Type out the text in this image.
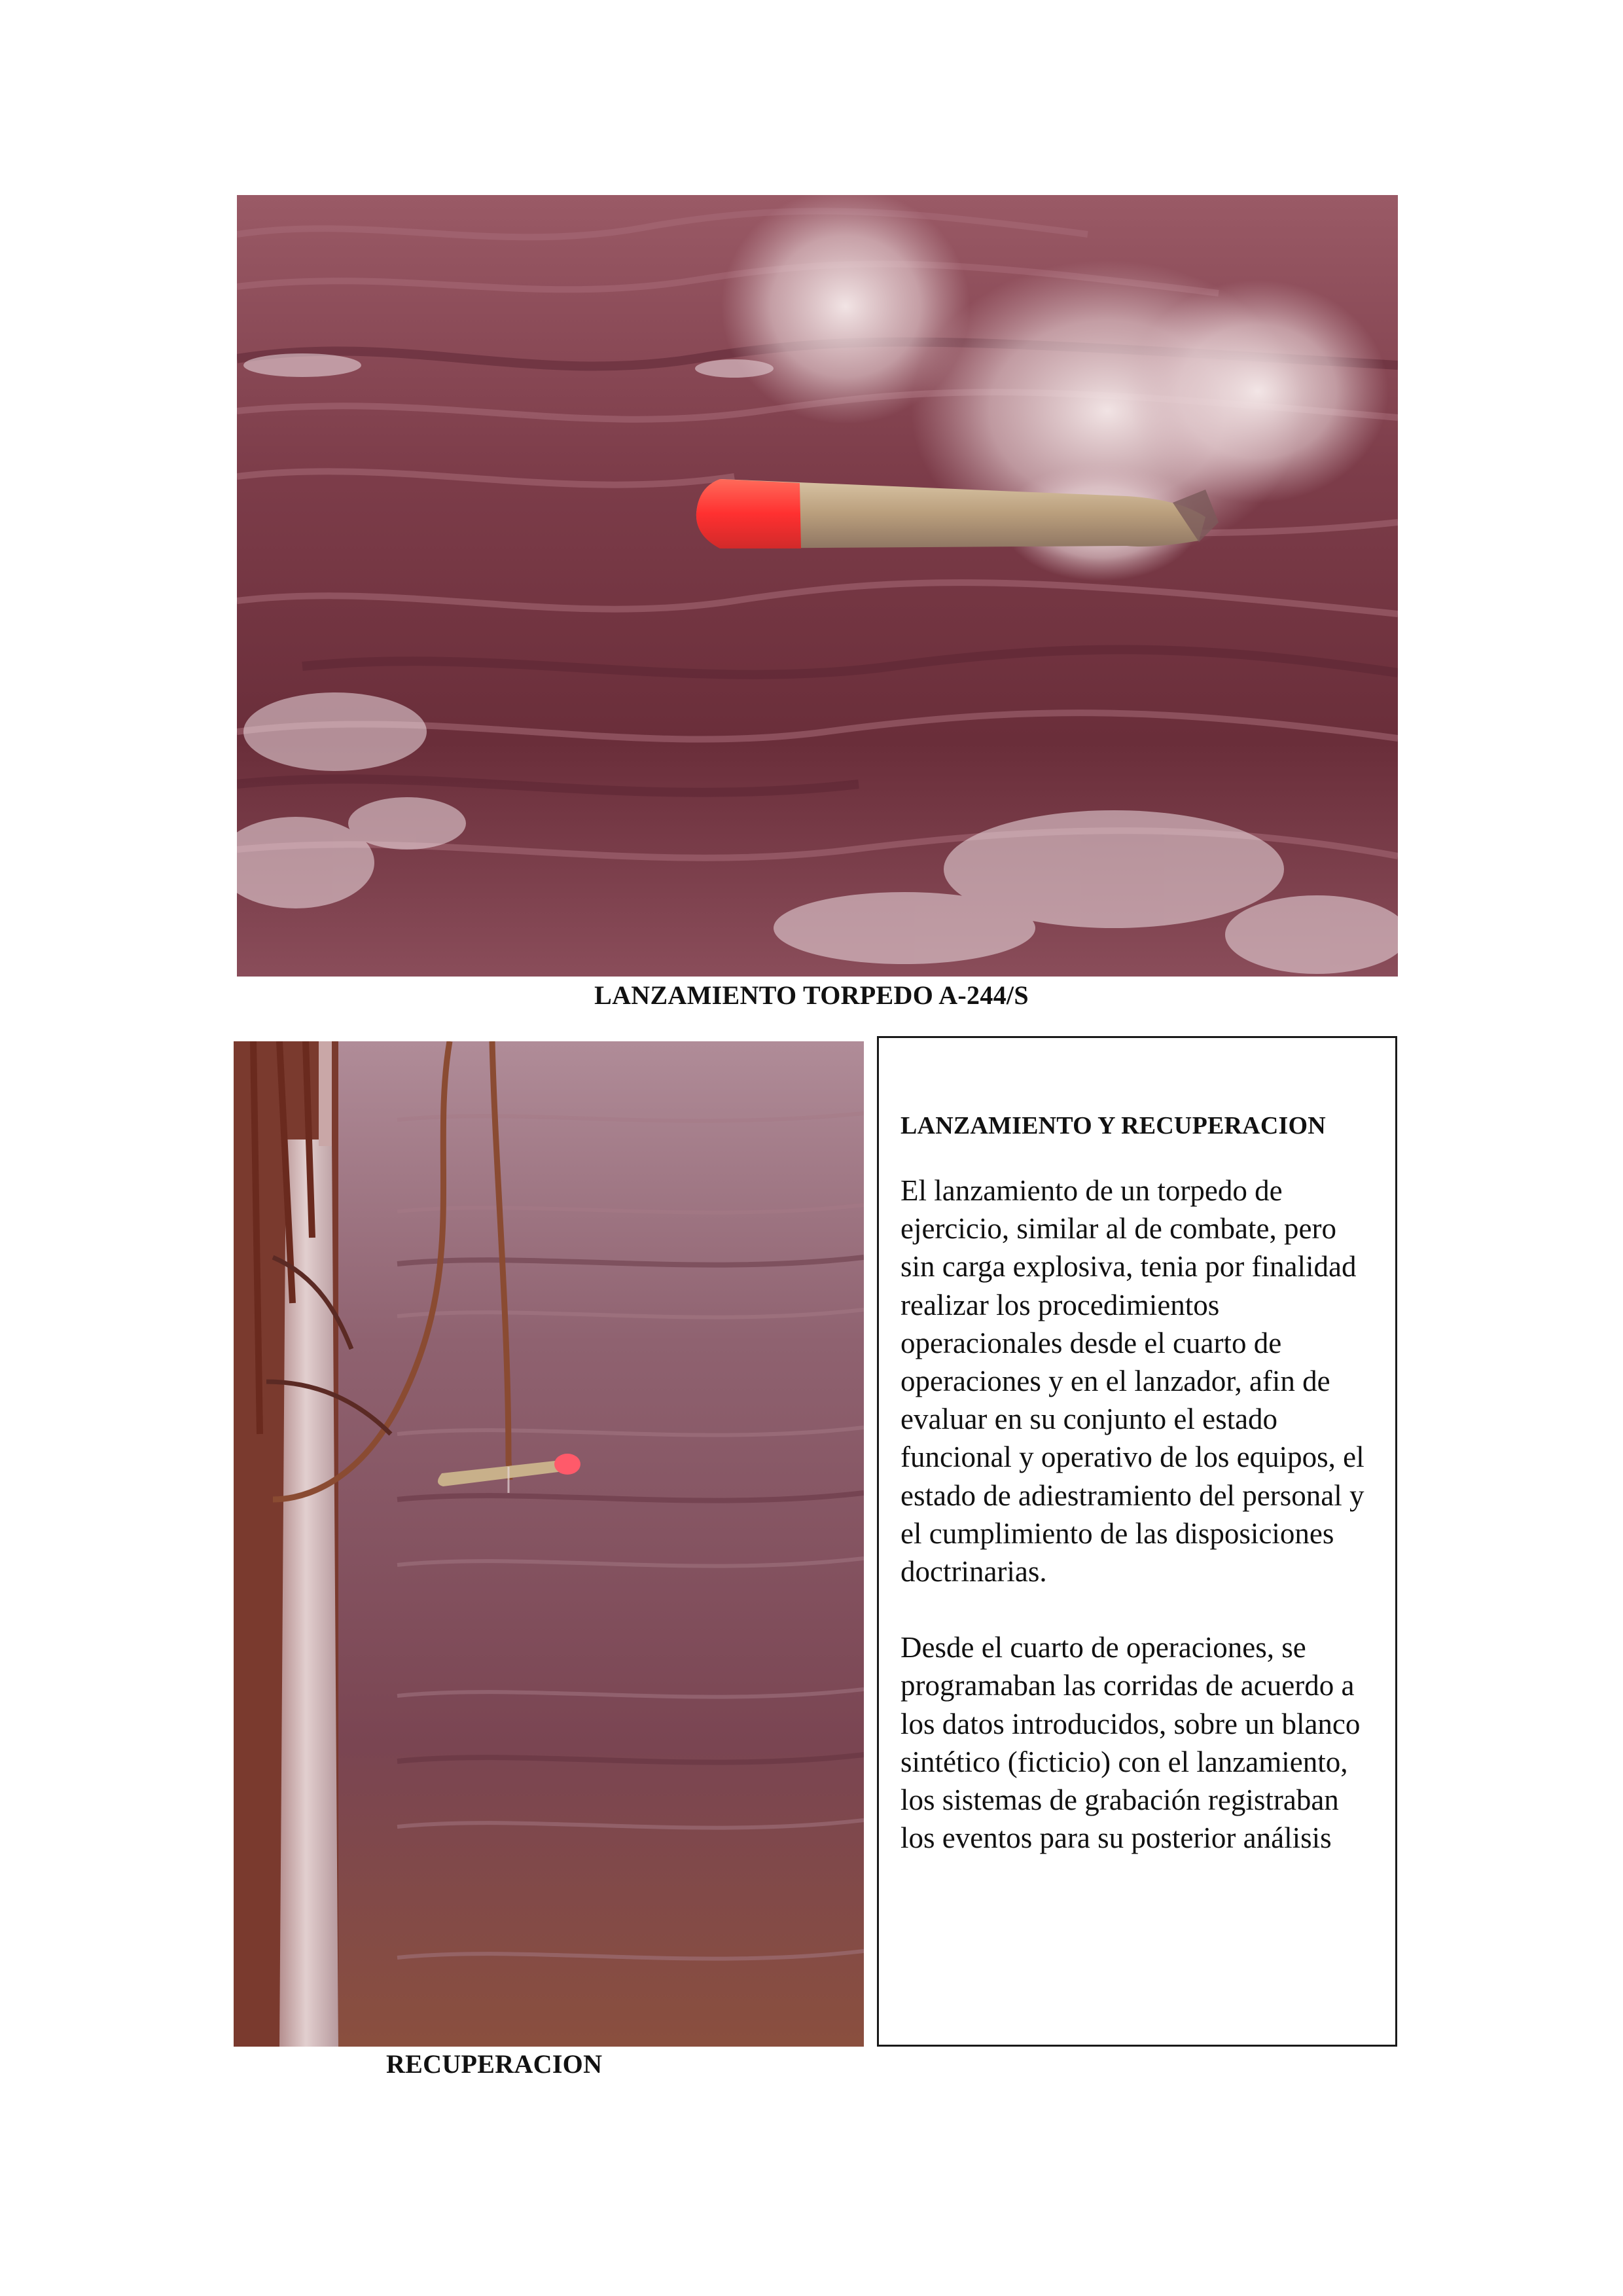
LANZAMIENTO TORPEDO A-244/S
RECUPERACION
LANZAMIENTO Y RECUPERACION

El lanzamiento de un torpedo de ejercicio, similar al de combate, pero sin carga explosiva, tenia por finalidad realizar los procedimientos operacionales desde el cuarto de operaciones y en el lanzador, afin de evaluar en su conjunto el estado funcional y operativo de los equipos, el estado de adiestramiento del personal y el cumplimiento de las disposiciones doctrinarias.

Desde el cuarto de operaciones, se programaban las corridas de acuerdo a los datos introducidos, sobre un blanco sintético (ficticio) con el lanzamiento, los sistemas de grabación registraban los eventos para su posterior análisis
